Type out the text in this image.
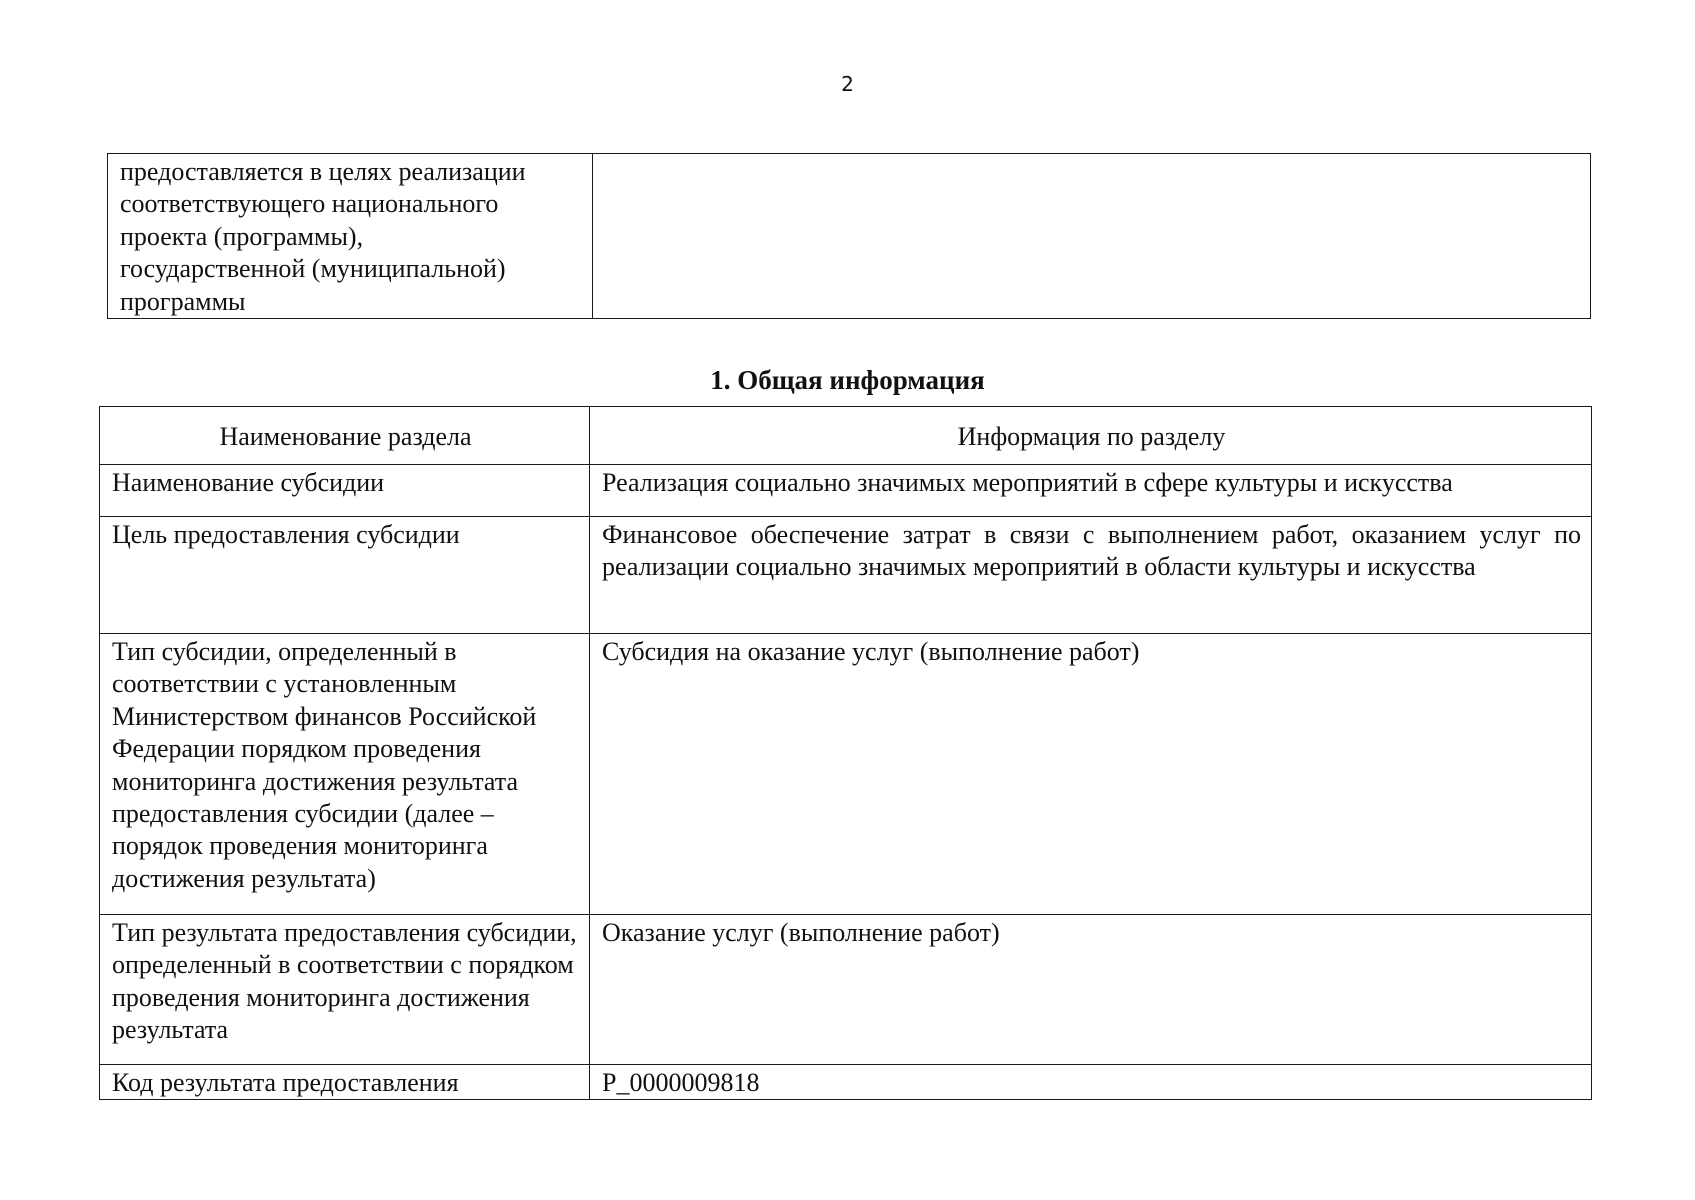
2
предоставляется в целях реализации соответствующего национального проекта (программы), государственной (муниципальной) программы

1. Общая информация
Наименование раздела	Информация по разделу

Наименование субсидии	Реализация социально значимых мероприятий в сфере культуры и искусства

Цель предоставления субсидии	Финансовое обеспечение затрат в связи с выполнением работ, оказанием услуг по реализации социально значимых мероприятий в области культуры и искусства

Тип субсидии, определенный в соответствии с установленным Министерством финансов Российской Федерации порядком проведения мониторинга достижения результата предоставления субсидии (далее – порядок проведения мониторинга достижения результата)	Субсидия на оказание услуг (выполнение работ)

Тип результата предоставления субсидии, определенный в соответствии с порядком проведения мониторинга достижения результата	Оказание услуг (выполнение работ)

Код результата предоставления	P_0000009818
